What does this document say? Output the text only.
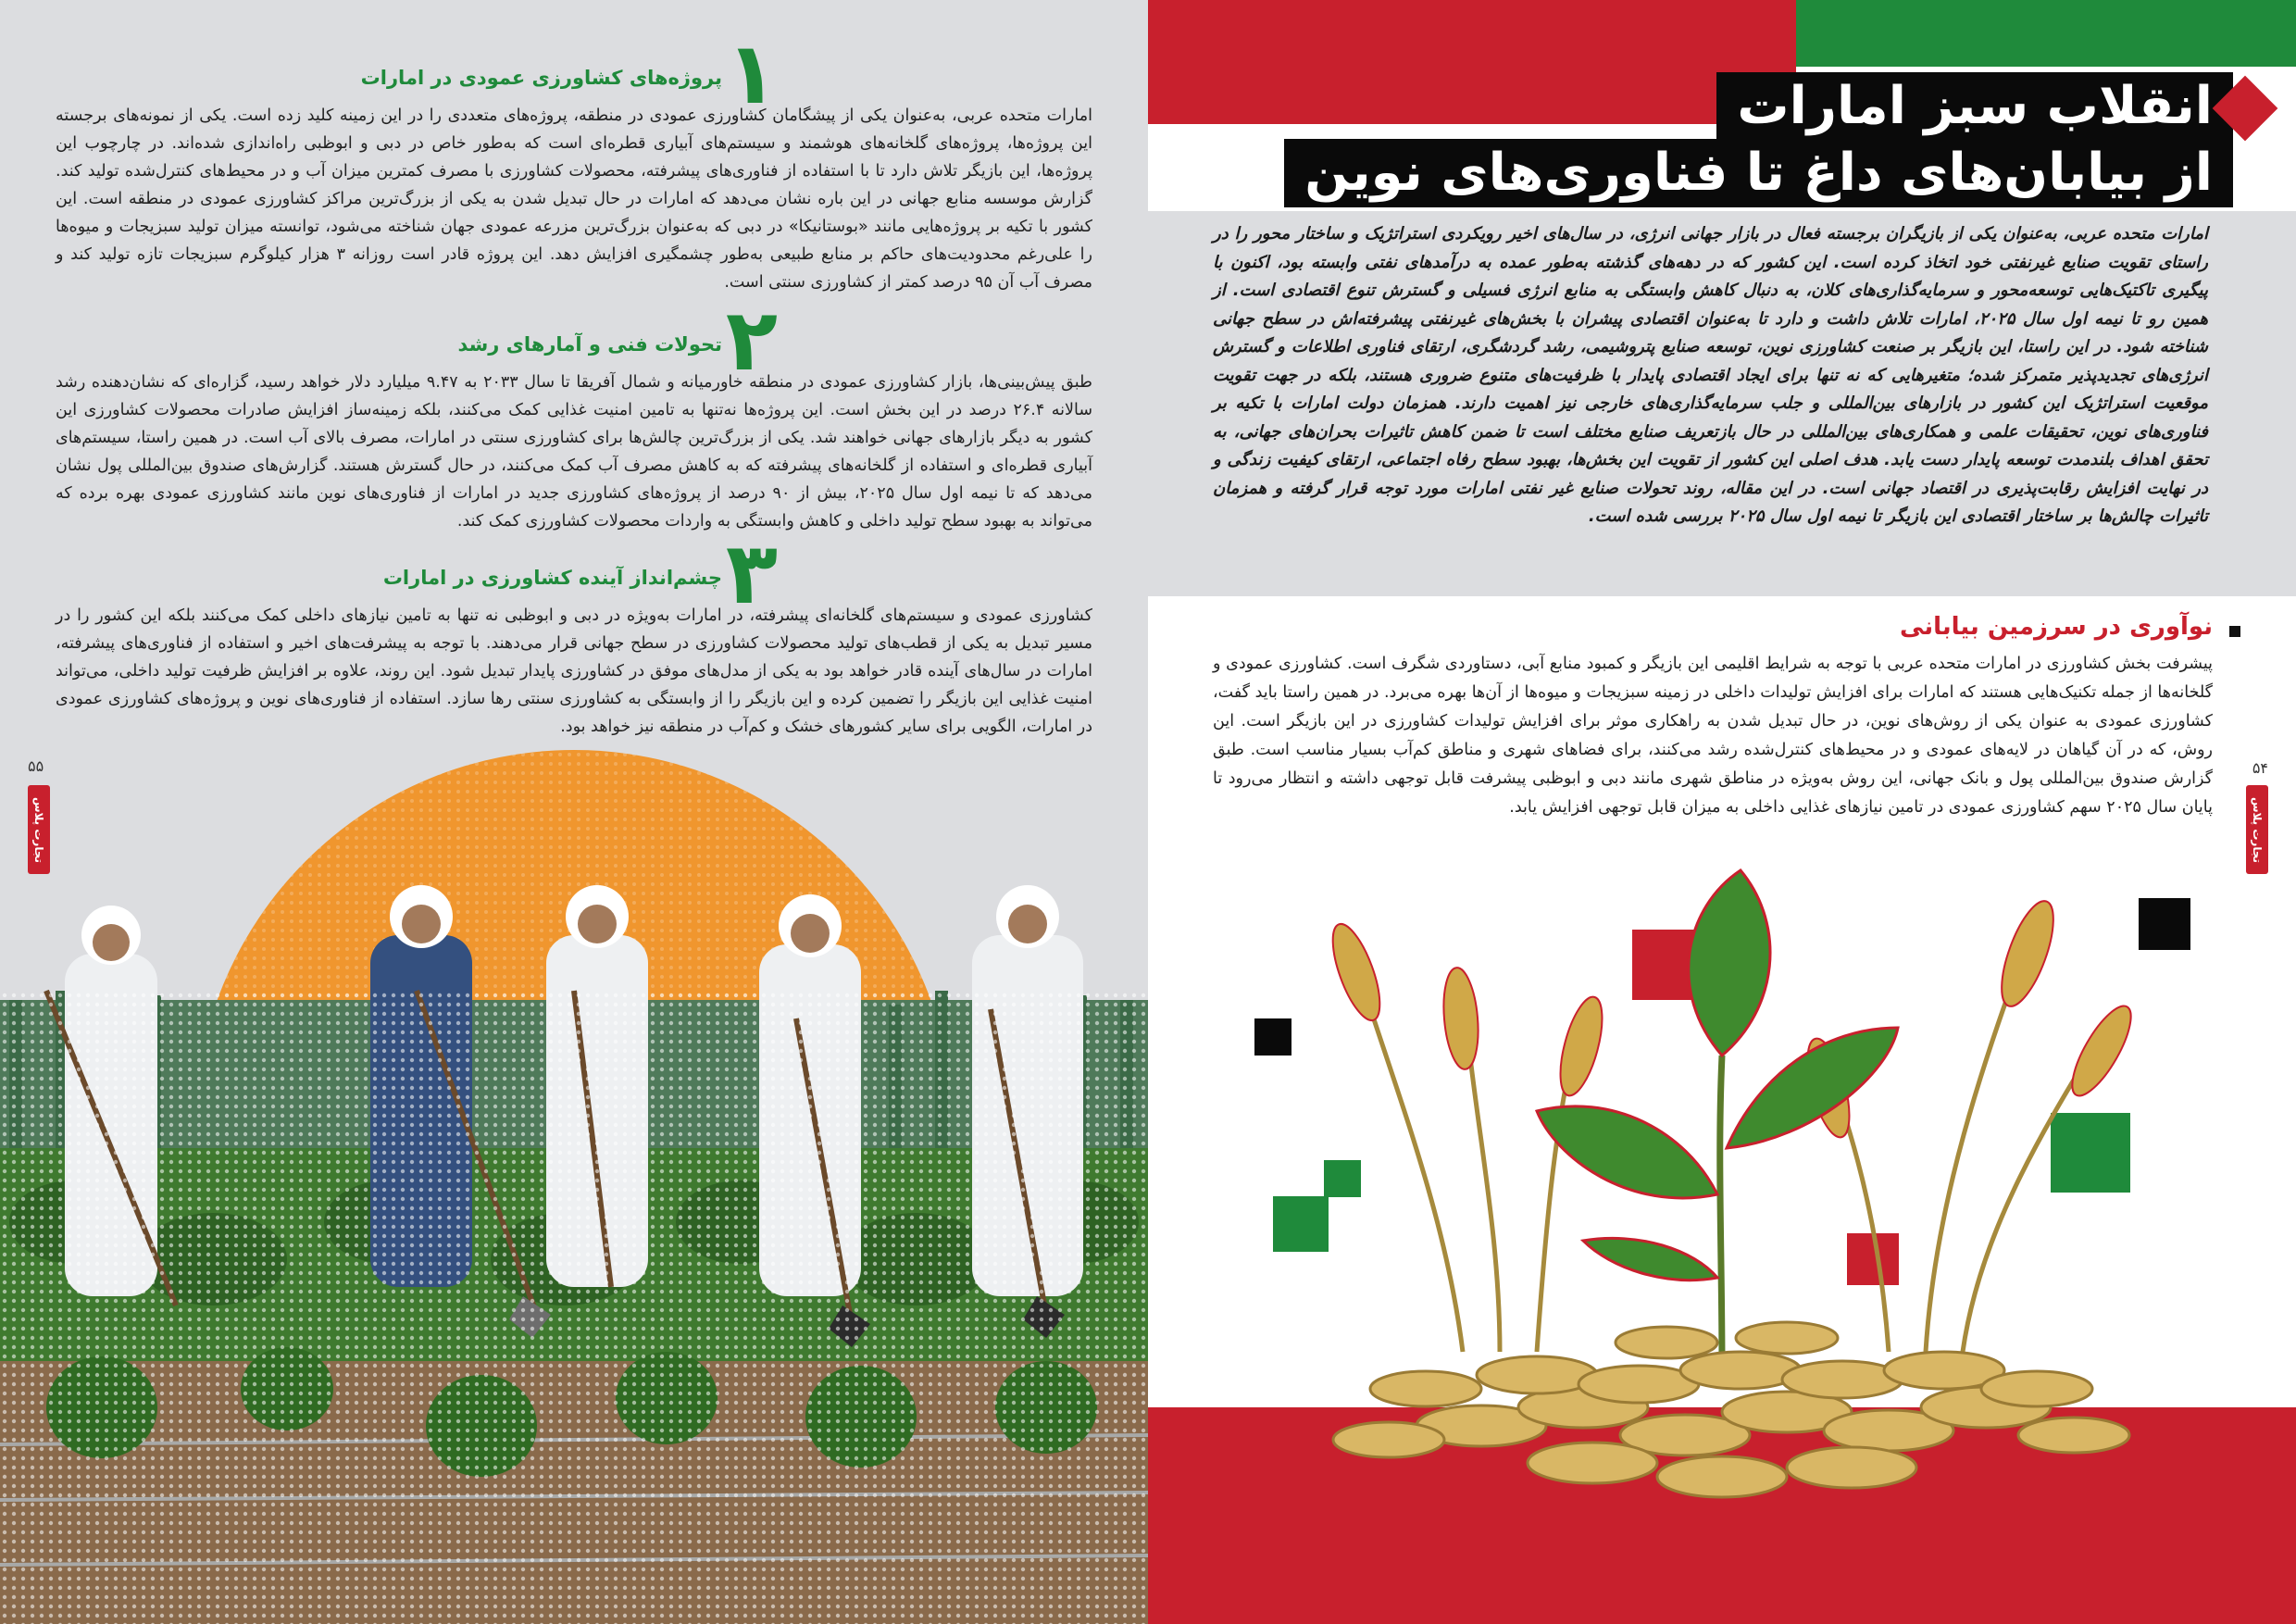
۱
پروژه‌های کشاورزی عمودی در امارات

امارات متحده عربی، به‌عنوان یکی از پیشگامان کشاورزی عمودی در منطقه، پروژه‌های متعددی را در این زمینه کلید زده است. یکی از نمونه‌های برجسته این پروژه‌ها، پروژه‌های گلخانه‌های هوشمند و سیستم‌های آبیاری قطره‌ای است که به‌طور خاص در دبی و ابوظبی راه‌اندازی شده‌اند. در چارچوب این پروژه‌ها، این بازیگر تلاش دارد تا با استفاده از فناوری‌های پیشرفته، محصولات کشاورزی با مصرف کمترین میزان آب و در محیط‌های کنترل‌شده تولید کند. گزارش موسسه منابع جهانی در این باره نشان می‌دهد که امارات در حال تبدیل شدن به یکی از بزرگ‌ترین مراکز کشاورزی عمودی در منطقه است. این کشور با تکیه بر پروژه‌هایی مانند «بوستانیکا» در دبی که به‌عنوان بزرگ‌ترین مزرعه عمودی جهان شناخته می‌شود، توانسته میزان تولید سبزیجات و میوه‌ها را علی‌رغم محدودیت‌های حاکم بر منابع طبیعی به‌طور چشمگیری افزایش دهد. این پروژه قادر است روزانه ۳ هزار کیلوگرم سبزیجات تازه تولید کند و مصرف آب آن ۹۵ درصد کمتر از کشاورزی سنتی است.

۲
تحولات فنی و آمارهای رشد

طبق پیش‌بینی‌ها، بازار کشاورزی عمودی در منطقه خاورمیانه و شمال آفریقا تا سال ۲۰۳۳ به ۹.۴۷ میلیارد دلار خواهد رسید، گزاره‌ای که نشان‌دهنده رشد سالانه ۲۶.۴ درصد در این بخش است. این پروژه‌ها نه‌تنها به تامین امنیت غذایی کمک می‌کنند، بلکه زمینه‌ساز افزایش صادرات محصولات کشاورزی این کشور به دیگر بازارهای جهانی خواهند شد. یکی از بزرگ‌ترین چالش‌ها برای کشاورزی سنتی در امارات، مصرف بالای آب است. در همین راستا، سیستم‌های آبیاری قطره‌ای و استفاده از گلخانه‌های پیشرفته که به کاهش مصرف آب کمک می‌کنند، در حال گسترش هستند. گزارش‌های صندوق بین‌المللی پول نشان می‌دهد که تا نیمه اول سال ۲۰۲۵، بیش از ۹۰ درصد از پروژه‌های کشاورزی جدید در امارات از فناوری‌های نوین مانند کشاورزی عمودی بهره برده که می‌تواند به بهبود سطح تولید داخلی و کاهش وابستگی به واردات محصولات کشاورزی کمک کند.

۳
چشم‌انداز آینده کشاورزی در امارات

کشاورزی عمودی و سیستم‌های گلخانه‌ای پیشرفته، در امارات به‌ویژه در دبی و ابوظبی نه تنها به تامین نیازهای داخلی کمک می‌کنند بلکه این کشور را در مسیر تبدیل به یکی از قطب‌های تولید محصولات کشاورزی در سطح جهانی قرار می‌دهند. با توجه به پیشرفت‌های اخیر و استفاده از فناوری‌های پیشرفته، امارات در سال‌های آینده قادر خواهد بود به یکی از مدل‌های موفق در کشاورزی پایدار تبدیل شود. این روند، علاوه بر افزایش ظرفیت تولید داخلی، می‌تواند امنیت غذایی این بازیگر را تضمین کرده و این بازیگر را از وابستگی به کشاورزی سنتی رها سازد. استفاده از فناوری‌های نوین و پروژه‌های کشاورزی عمودی در امارات، الگویی برای سایر کشورهای خشک و کم‌آب در منطقه نیز خواهد بود.

۵۵
تجارت پلاس
انقلاب سبز امارات
از بیابان‌های داغ تا فناوری‌های نوین

امارات متحده عربی، به‌عنوان یکی از بازیگران برجسته فعال در بازار جهانی انرژی، در سال‌های اخیر رویکردی استراتژیک و ساختار محور را در راستای تقویت صنایع غیرنفتی خود اتخاذ کرده است. این کشور که در دهه‌های گذشته به‌طور عمده به درآمدهای نفتی وابسته بود، اکنون با پیگیری تاکتیک‌هایی توسعه‌محور و سرمایه‌گذاری‌های کلان، به دنبال کاهش وابستگی به منابع انرژی فسیلی و گسترش تنوع اقتصادی است. از همین رو تا نیمه اول سال ۲۰۲۵، امارات تلاش داشت و دارد تا به‌عنوان اقتصادی پیشران با بخش‌های غیرنفتی پیشرفته‌اش در سطح جهانی شناخته شود. در این راستا، این بازیگر بر صنعت کشاورزی نوین، توسعه صنایع پتروشیمی، رشد گردشگری، ارتقای فناوری اطلاعات و گسترش انرژی‌های تجدیدپذیر متمرکز شده؛ متغیرهایی که نه تنها برای ایجاد اقتصادی پایدار با ظرفیت‌های متنوع ضروری هستند، بلکه در جهت تقویت موقعیت استراتژیک این کشور در بازارهای بین‌المللی و جلب سرمایه‌گذاری‌های خارجی نیز اهمیت دارند. همزمان دولت امارات با تکیه بر فناوری‌های نوین، تحقیقات علمی و همکاری‌های بین‌المللی در حال بازتعریف صنایع مختلف است تا ضمن کاهش تاثیرات بحران‌های جهانی، به تحقق اهداف بلندمدت توسعه پایدار دست یابد. هدف اصلی این کشور از تقویت این بخش‌ها، بهبود سطح رفاه اجتماعی، ارتقای کیفیت زندگی و در نهایت افزایش رقابت‌پذیری در اقتصاد جهانی است. در این مقاله، روند تحولات صنایع غیر نفتی امارات مورد توجه قرار گرفته و همزمان تاثیرات چالش‌ها بر ساختار اقتصادی این بازیگر تا نیمه اول سال ۲۰۲۵ بررسی شده است.

نوآوری در سرزمین بیابانی

پیشرفت بخش کشاورزی در امارات متحده عربی با توجه به شرایط اقلیمی این بازیگر و کمبود منابع آبی، دستاوردی شگرف است. کشاورزی عمودی و گلخانه‌ها از جمله تکنیک‌هایی هستند که امارات برای افزایش تولیدات داخلی در زمینه سبزیجات و میوه‌ها از آن‌ها بهره می‌برد. در همین راستا باید گفت، کشاورزی عمودی به عنوان یکی از روش‌های نوین، در حال تبدیل شدن به راهکاری موثر برای افزایش تولیدات کشاورزی در این بازیگر است. این روش، که در آن گیاهان در لایه‌های عمودی و در محیط‌های کنترل‌شده رشد می‌کنند، برای فضاهای شهری و مناطق کم‌آب بسیار مناسب است. طبق گزارش صندوق بین‌المللی پول و بانک جهانی، این روش به‌ویژه در مناطق شهری مانند دبی و ابوظبی پیشرفت قابل توجهی داشته و انتظار می‌رود تا پایان سال ۲۰۲۵ سهم کشاورزی عمودی در تامین نیازهای غذایی داخلی به میزان قابل توجهی افزایش یابد.

۵۴
تجارت پلاس
